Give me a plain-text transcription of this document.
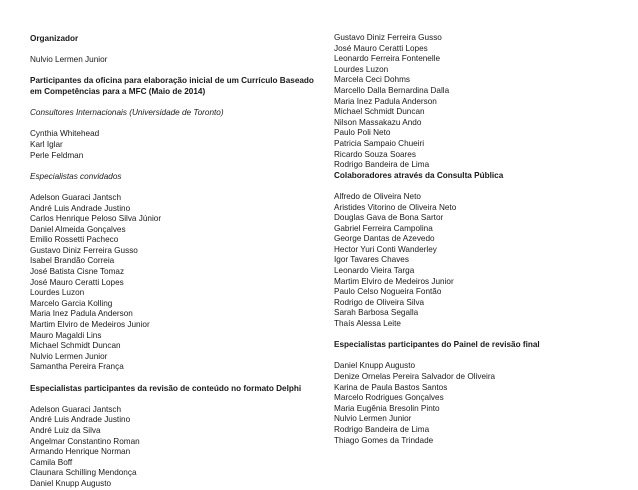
Organizador

Nulvio Lermen Junior

Participantes da oficina para elaboração inicial de um Currículo Baseado em Competências para a MFC (Maio de 2014)

Consultores Internacionais (Universidade de Toronto)

Cynthia Whitehead
Karl Iglar
Perle Feldman

Especialistas convidados

Adelson Guaraci Jantsch
André Luis Andrade Justino
Carlos Henrique Peloso Silva Júnior
Daniel Almeida Gonçalves
Emilio Rossetti Pacheco
Gustavo Diniz Ferreira Gusso
Isabel Brandão Correia
José Batista Cisne Tomaz
José Mauro Ceratti Lopes
Lourdes Luzon
Marcelo Garcia Kolling
Maria Inez Padula Anderson
Martim Elviro de Medeiros Junior
Mauro Magaldi Lins
Michael Schmidt Duncan
Nulvio Lermen Junior
Samantha Pereira França

Especialistas participantes da revisão de conteúdo no formato Delphi

Adelson Guaraci Jantsch
André Luis Andrade Justino
André Luiz da Silva
Angelmar Constantino Roman
Armando Henrique Norman
Camila Boff
Claunara Schilling Mendonça
Daniel Knupp Augusto
Gustavo Diniz Ferreira Gusso
José Mauro Ceratti Lopes
Leonardo Ferreira Fontenelle
Lourdes Luzon
Marcela Ceci Dohms
Marcello Dalla Bernardina Dalla
Maria Inez Padula Anderson
Michael Schmidt Duncan
Nilson Massakazu Ando
Paulo Poli Neto
Patricia Sampaio Chueiri
Ricardo Souza Soares
Rodrigo Bandeira de Lima

Colaboradores através da Consulta Pública

Alfredo de Oliveira Neto
Aristides Vitorino de Oliveira Neto
Douglas Gava de Bona Sartor
Gabriel Ferreira Campolina
George Dantas de Azevedo
Hector Yuri Conti Wanderley
Igor Tavares Chaves
Leonardo Vieira Targa
Martim Elviro de Medeiros Junior
Paulo Celso Nogueira Fontão
Rodrigo de Oliveira Silva
Sarah Barbosa Segalla
Thaís Alessa Leite

Especialistas participantes do Painel de revisão final

Daniel Knupp Augusto
Denize Ornelas Pereira Salvador de Oliveira
Karina de Paula Bastos Santos
Marcelo Rodrigues Gonçalves
Maria Eugênia Bresolin Pinto
Nulvio Lermen Junior
Rodrigo Bandeira de Lima
Thiago Gomes da Trindade
